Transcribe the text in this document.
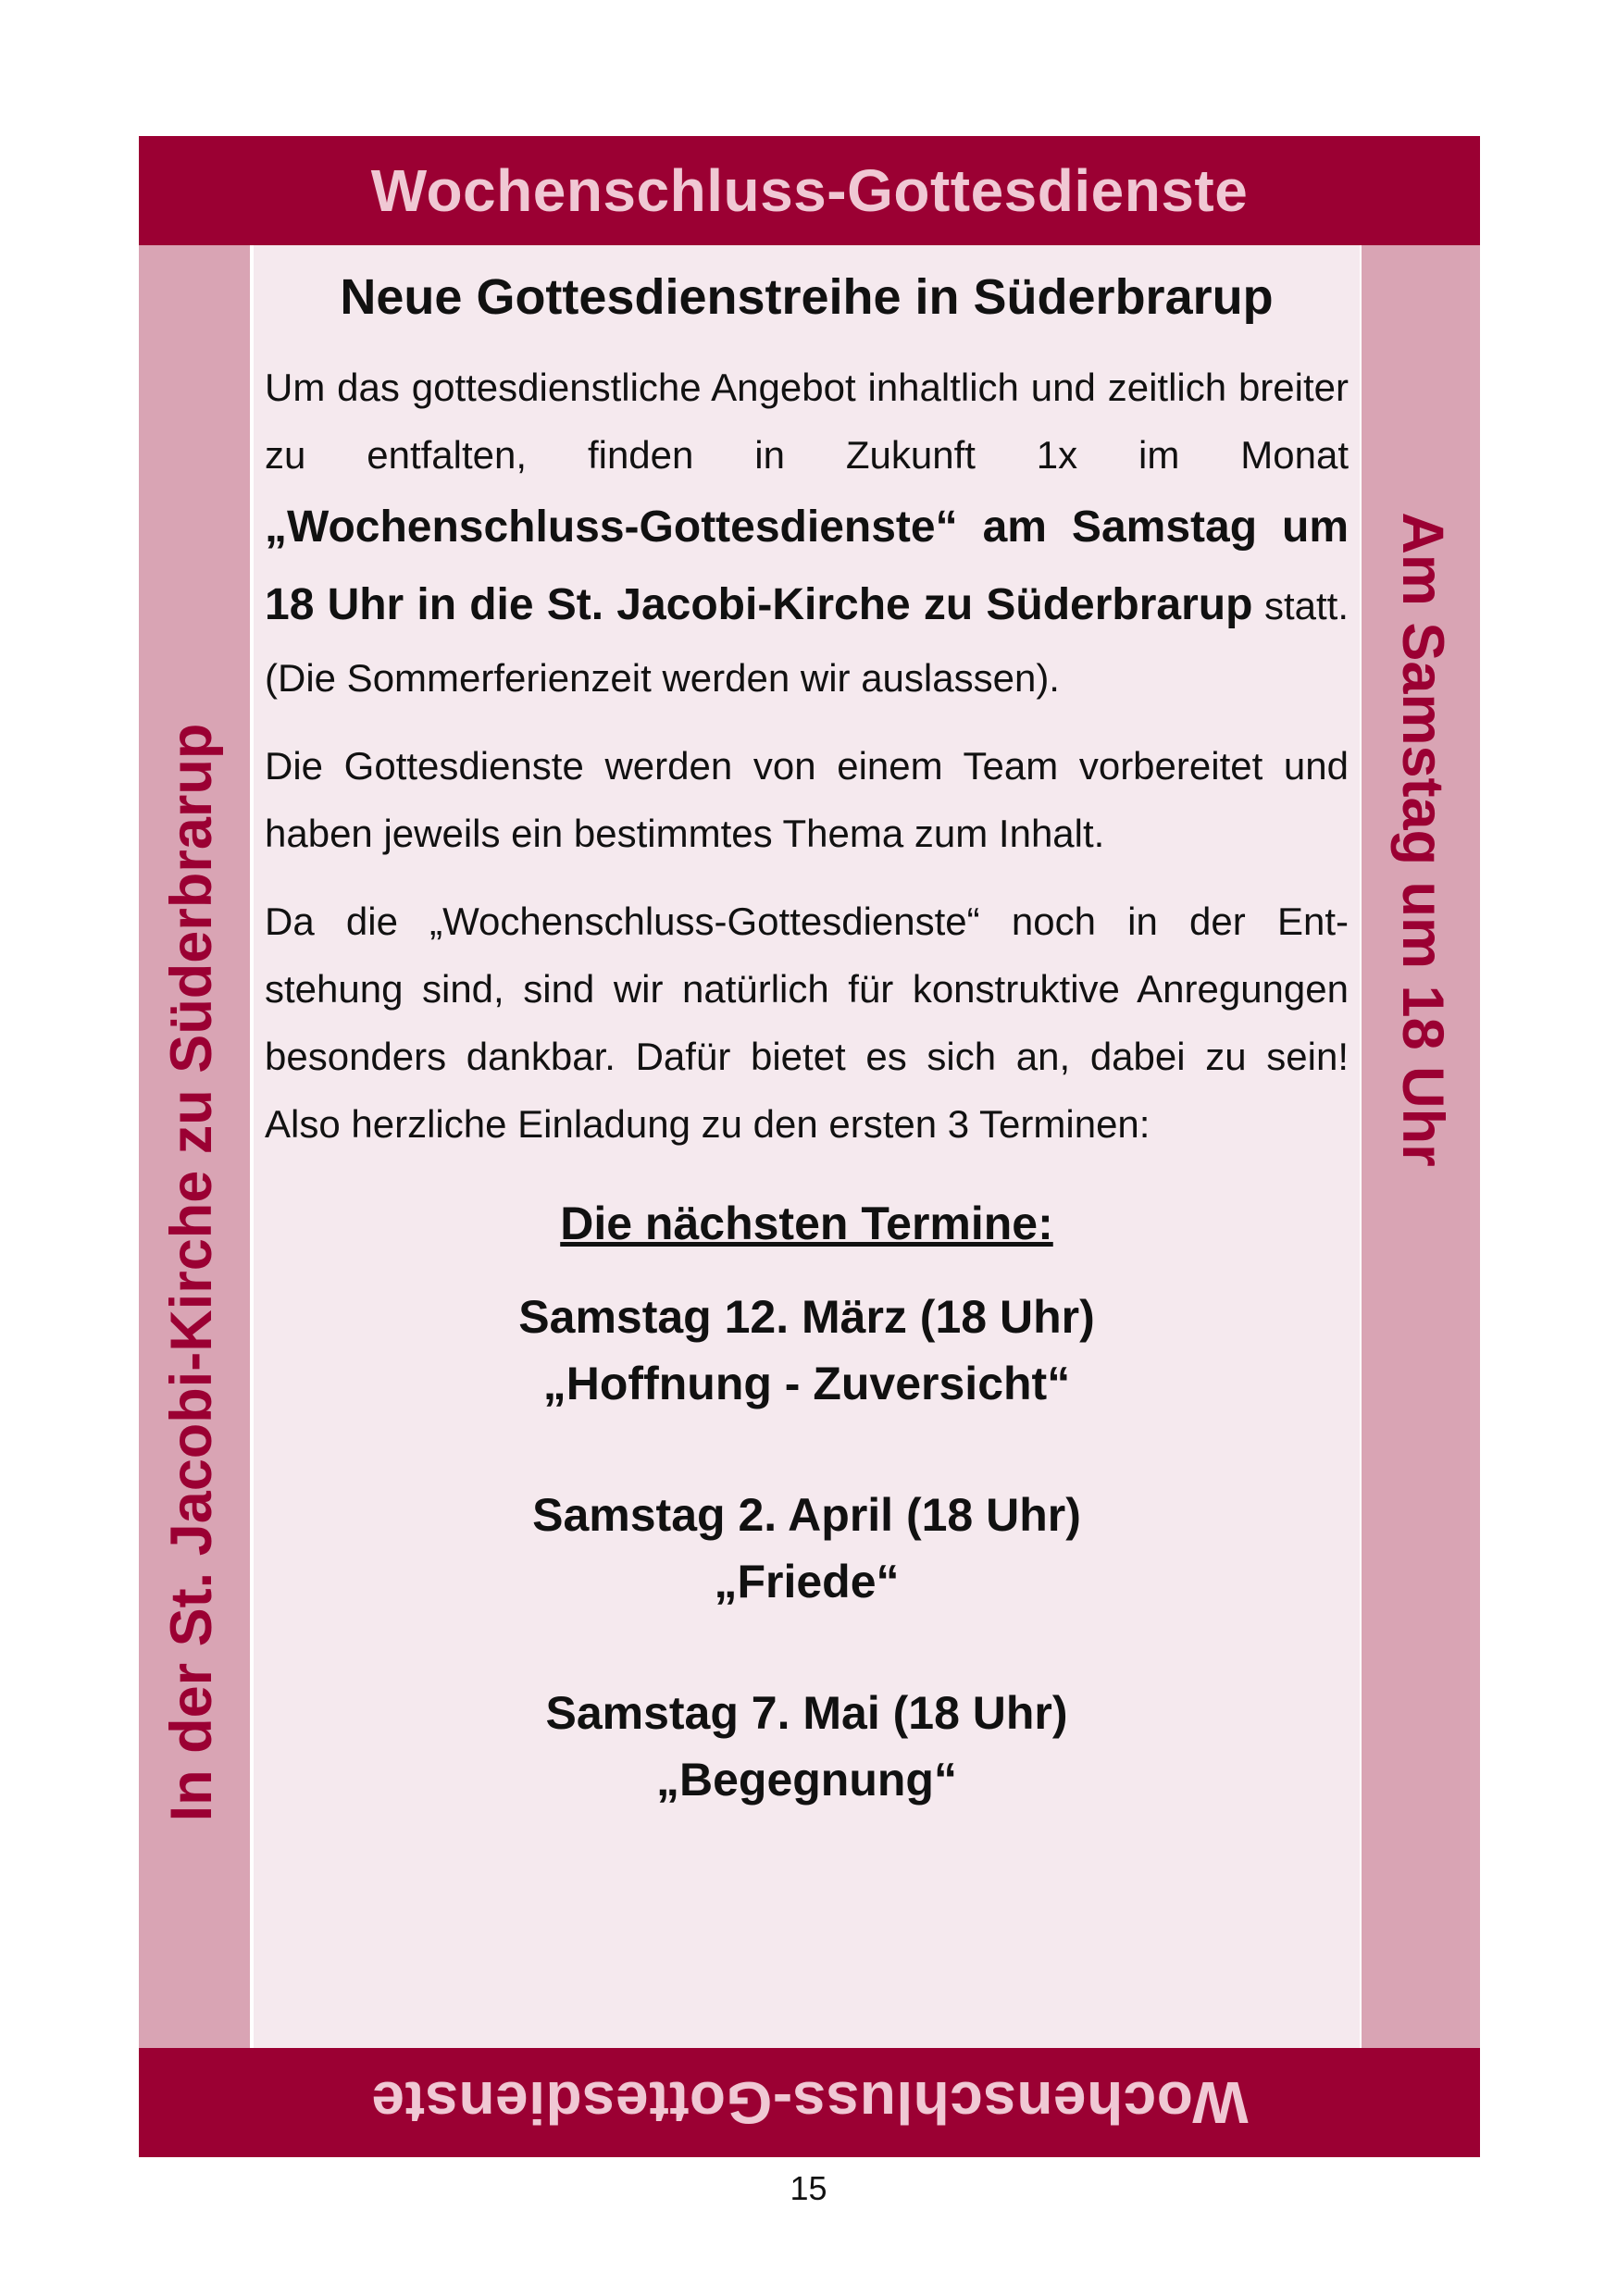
Wochenschluss-Gottesdienste
In der St. Jacobi-Kirche zu Süderbrarup
Neue Gottesdienstreihe in Süderbrarup

Um das gottesdienstliche Angebot inhaltlich und zeitlich breiter zu entfalten, finden in Zukunft 1x im Monat „Wochenschluss-Gottesdienste“ am Samstag um 18 Uhr in die St. Jacobi-Kirche zu Süderbrarup statt. (Die Sommerferienzeit werden wir auslassen).

Die Gottesdienste werden von einem Team vorbereitet und haben jeweils ein bestimmtes Thema zum Inhalt.

Da die „Wochenschluss-Gottesdienste“ noch in der Entstehung sind, sind wir natürlich für konstruktive Anregungen besonders dankbar. Dafür bietet es sich an, dabei zu sein! Also herzliche Einladung zu den ersten 3 Terminen:

Die nächsten Termine:
Samstag 12. März (18 Uhr)
„Hoffnung - Zuversicht“
Samstag 2. April (18 Uhr)
„Friede“
Samstag 7. Mai (18 Uhr)
„Begegnung“
Am Samstag um 18 Uhr
Wochenschluss-Gottesdienste
15
